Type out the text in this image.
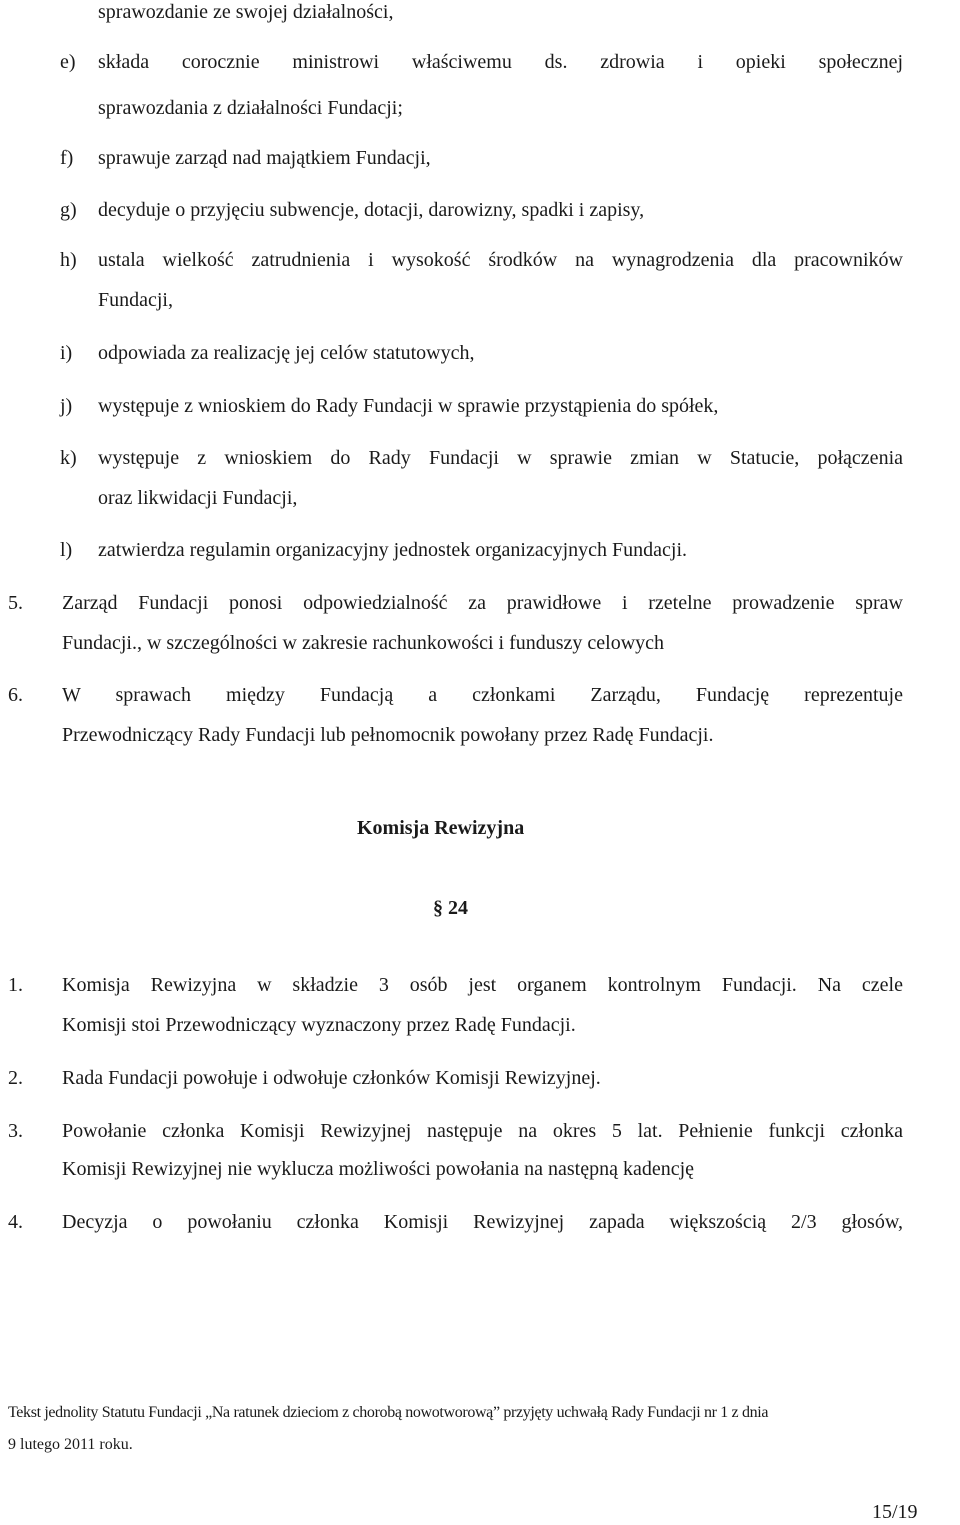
sprawozdanie ze swojej działalności,
e) składa corocznie ministrowi właściwemu ds. zdrowia i opieki społecznej
sprawozdania z działalności Fundacji;
f) sprawuje zarząd nad majątkiem Fundacji,
g) decyduje o przyjęciu subwencje, dotacji, darowizny, spadki i zapisy,
h) ustala wielkość zatrudnienia i wysokość środków na wynagrodzenia dla pracowników
Fundacji,
i) odpowiada za realizację jej celów statutowych,
j) występuje z wnioskiem do Rady Fundacji w sprawie przystąpienia do spółek,
k) występuje z wnioskiem do Rady Fundacji w sprawie zmian w Statucie, połączenia
oraz likwidacji Fundacji,
l) zatwierdza regulamin organizacyjny jednostek organizacyjnych Fundacji.
5. Zarząd Fundacji ponosi odpowiedzialność za prawidłowe i rzetelne prowadzenie spraw
Fundacji., w szczególności w zakresie rachunkowości i funduszy celowych
6. W sprawach między Fundacją a członkami Zarządu, Fundację reprezentuje
Przewodniczący Rady Fundacji lub pełnomocnik powołany przez Radę Fundacji.
Komisja Rewizyjna
§ 24
1. Komisja Rewizyjna w składzie 3 osób jest organem kontrolnym Fundacji. Na czele
Komisji stoi Przewodniczący wyznaczony przez Radę Fundacji.
2. Rada Fundacji powołuje i odwołuje członków Komisji Rewizyjnej.
3. Powołanie członka Komisji Rewizyjnej następuje na okres 5 lat. Pełnienie funkcji członka
Komisji Rewizyjnej nie wyklucza możliwości powołania na następną kadencję
4. Decyzja o powołaniu członka Komisji Rewizyjnej zapada większością 2/3 głosów,
Tekst jednolity Statutu Fundacji „Na ratunek dzieciom z chorobą nowotworową” przyjęty uchwałą Rady Fundacji nr 1 z dnia
9 lutego 2011 roku.
15/19
